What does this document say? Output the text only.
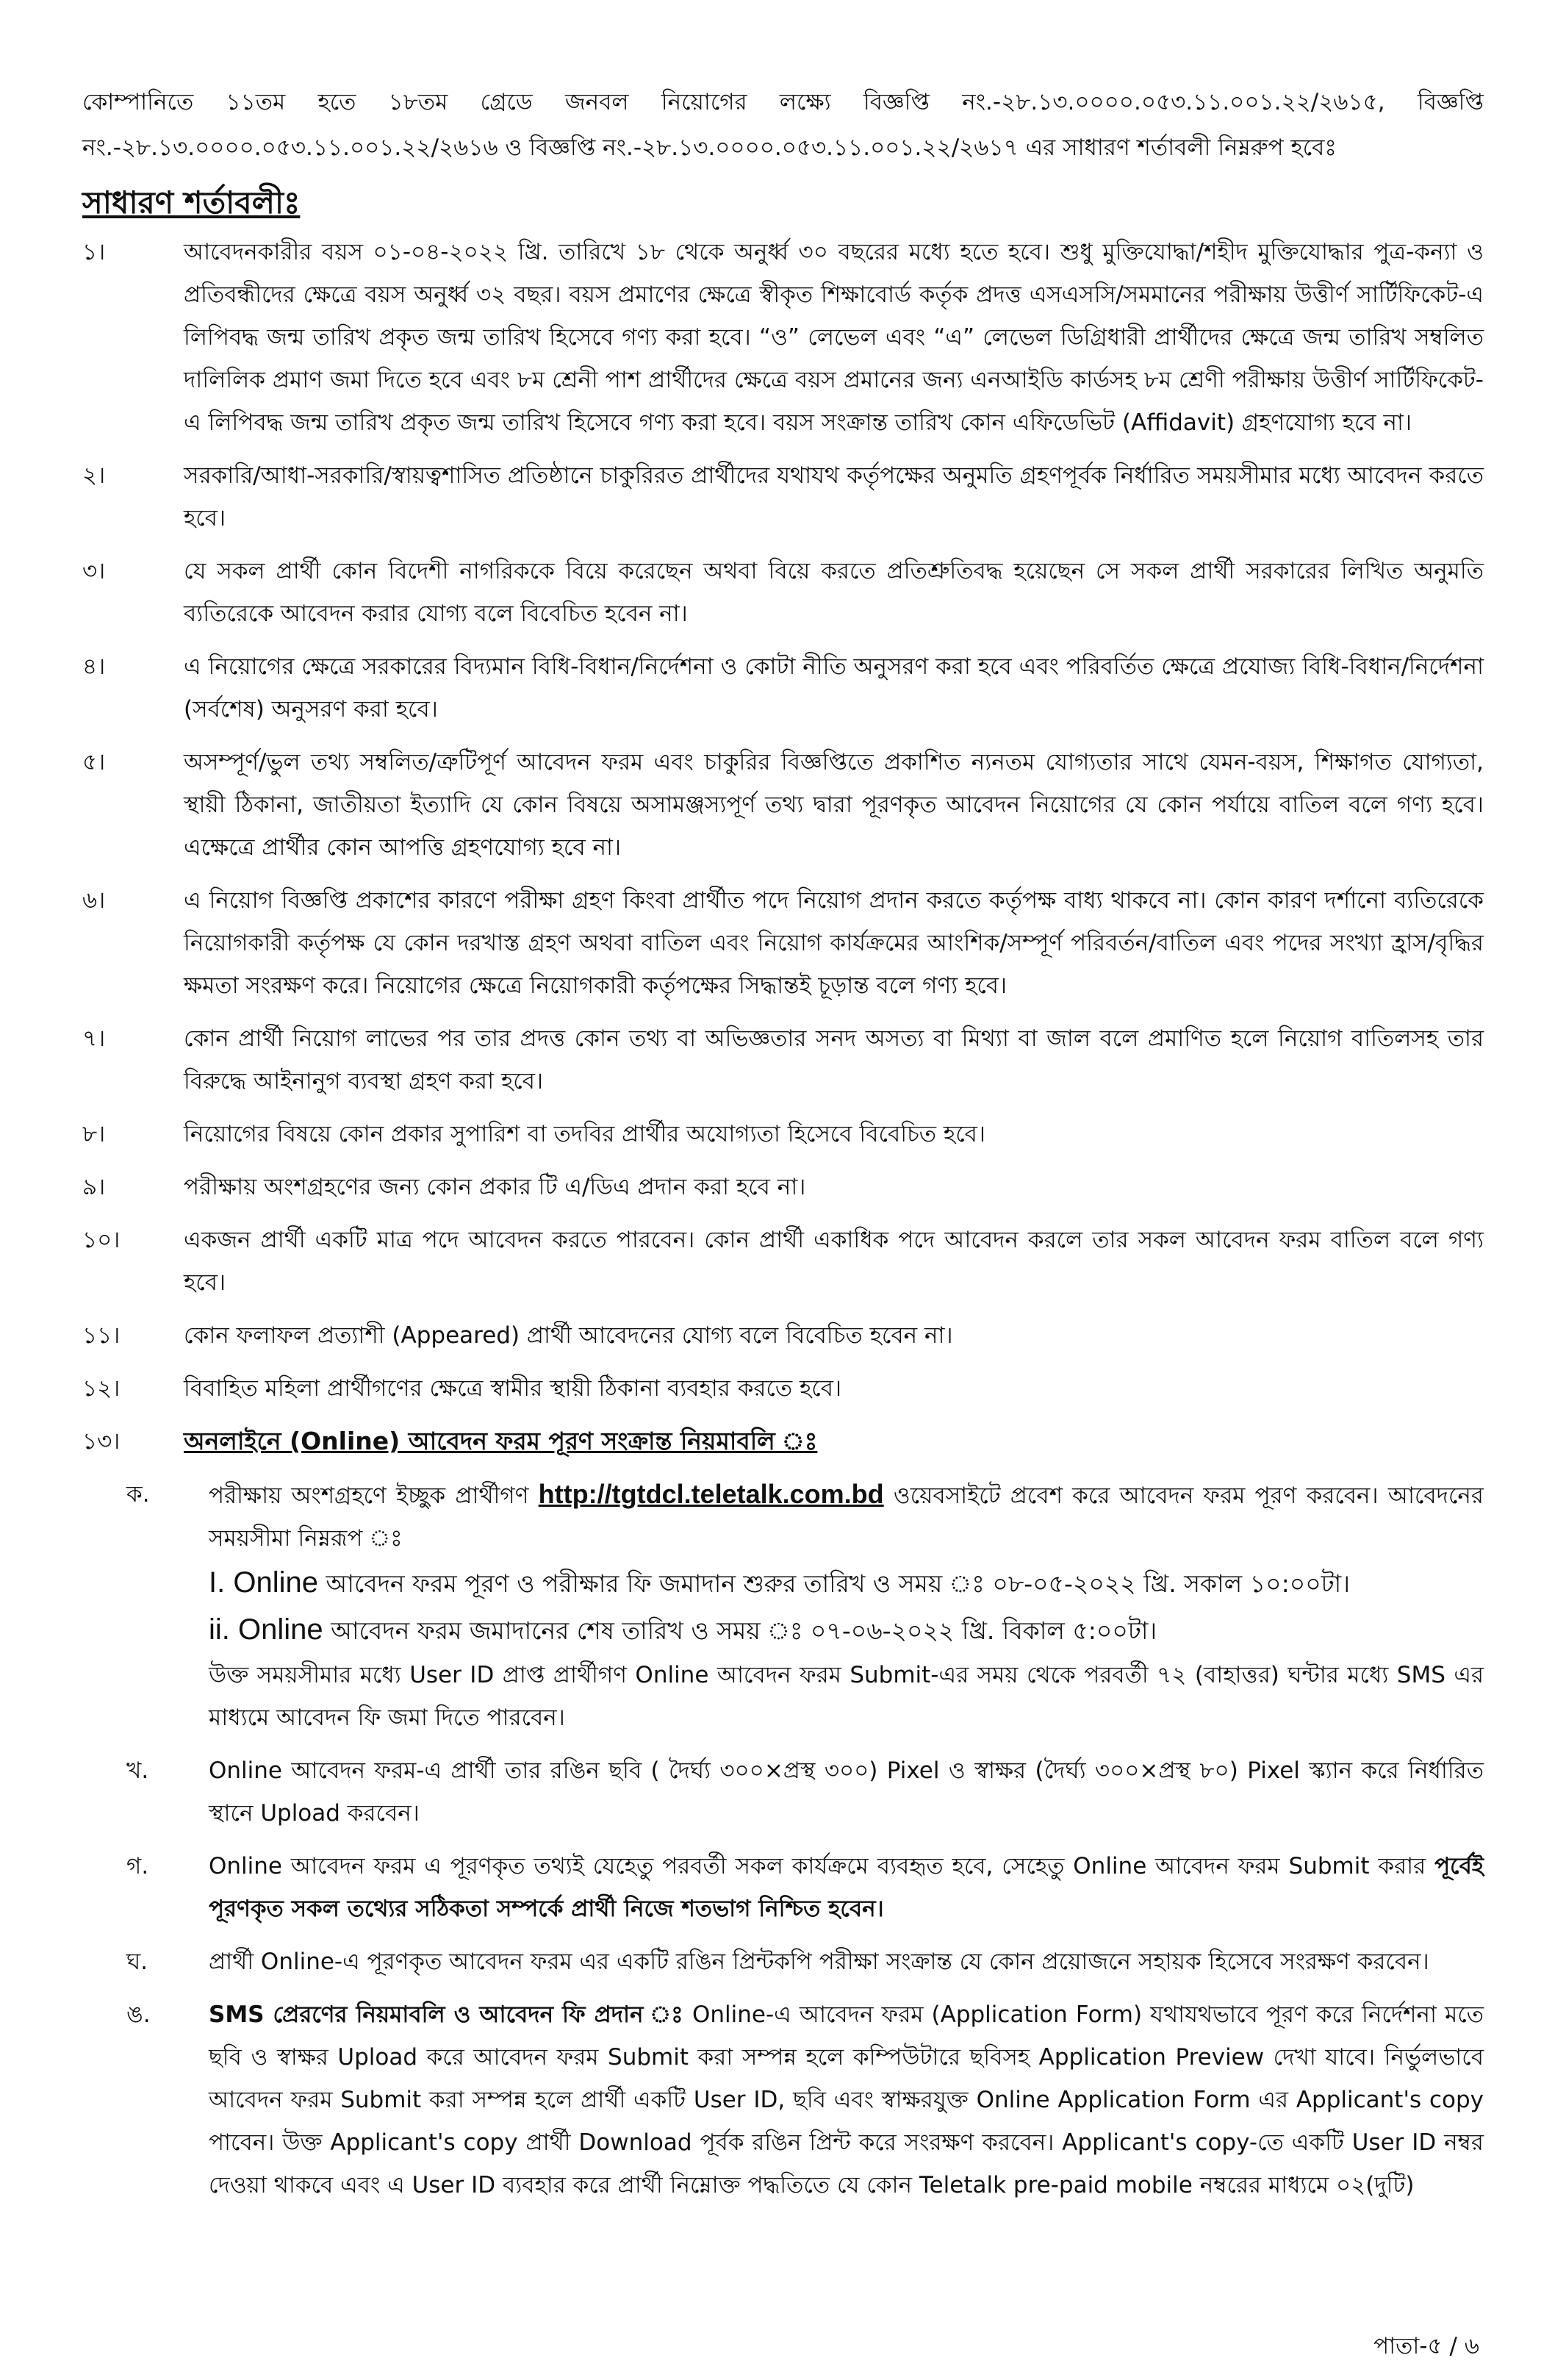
কোম্পানিতে ১১তম হতে ১৮তম গ্রেডে জনবল নিয়োগের লক্ষ্যে বিজ্ঞপ্তি নং.-২৮.১৩.০০০০.০৫৩.১১.০০১.২২/২৬১৫, বিজ্ঞপ্তি নং.-২৮.১৩.০০০০.০৫৩.১১.০০১.২২/২৬১৬ ও বিজ্ঞপ্তি নং.-২৮.১৩.০০০০.০৫৩.১১.০০১.২২/২৬১৭ এর সাধারণ শর্তাবলী নিম্নরুপ হবেঃ

সাধারণ শর্তাবলীঃ
১।	আবেদনকারীর বয়স ০১-০৪-২০২২ খ্রি. তারিখে ১৮ থেকে অনুর্ধ্ব ৩০ বছরের মধ্যে হতে হবে। শুধু মুক্তিযোদ্ধা/শহীদ মুক্তিযোদ্ধার পুত্র-কন্যা ও প্রতিবন্ধীদের ক্ষেত্রে বয়স অনুর্ধ্ব ৩২ বছর। বয়স প্রমাণের ক্ষেত্রে স্বীকৃত শিক্ষাবোর্ড কর্তৃক প্রদত্ত এসএসসি/সমমানের পরীক্ষায় উত্তীর্ণ সার্টিফিকেট-এ লিপিবদ্ধ জন্ম তারিখ প্রকৃত জন্ম তারিখ হিসেবে গণ্য করা হবে। “ও” লেভেল এবং “এ” লেভেল ডিগ্রিধারী প্রার্থীদের ক্ষেত্রে জন্ম তারিখ সম্বলিত দালিলিক প্রমাণ জমা দিতে হবে এবং ৮ম শ্রেনী পাশ প্রার্থীদের ক্ষেত্রে বয়স প্রমানের জন্য এনআইডি কার্ডসহ ৮ম শ্রেণী পরীক্ষায় উত্তীর্ণ সার্টিফিকেট-এ লিপিবদ্ধ জন্ম তারিখ প্রকৃত জন্ম তারিখ হিসেবে গণ্য করা হবে। বয়স সংক্রান্ত তারিখ কোন এফিডেভিট (Affidavit) গ্রহণযোগ্য হবে না।
২।	সরকারি/আধা-সরকারি/স্বায়ত্বশাসিত প্রতিষ্ঠানে চাকুরিরত প্রার্থীদের যথাযথ কর্তৃপক্ষের অনুমতি গ্রহণপূর্বক নির্ধারিত সময়সীমার মধ্যে আবেদন করতে হবে।
৩।	যে সকল প্রার্থী কোন বিদেশী নাগরিককে বিয়ে করেছেন অথবা বিয়ে করতে প্রতিশ্রুতিবদ্ধ হয়েছেন সে সকল প্রার্থী সরকারের লিখিত অনুমতি ব্যতিরেকে আবেদন করার যোগ্য বলে বিবেচিত হবেন না।
৪।	এ নিয়োগের ক্ষেত্রে সরকারের বিদ্যমান বিধি-বিধান/নির্দেশনা ও কোটা নীতি অনুসরণ করা হবে এবং পরিবর্তিত ক্ষেত্রে প্রযোজ্য বিধি-বিধান/নির্দেশনা (সর্বশেষ) অনুসরণ করা হবে।
৫।	অসম্পূর্ণ/ভুল তথ্য সম্বলিত/ত্রুটিপূর্ণ আবেদন ফরম এবং চাকুরির বিজ্ঞপ্তিতে প্রকাশিত ন্যনতম যোগ্যতার সাথে যেমন-বয়স, শিক্ষাগত যোগ্যতা, স্থায়ী ঠিকানা, জাতীয়তা ইত্যাদি যে কোন বিষয়ে অসামঞ্জস্যপূর্ণ তথ্য দ্বারা পূরণকৃত আবেদন নিয়োগের যে কোন পর্যায়ে বাতিল বলে গণ্য হবে। এক্ষেত্রে প্রার্থীর কোন আপত্তি গ্রহণযোগ্য হবে না।
৬।	এ নিয়োগ বিজ্ঞপ্তি প্রকাশের কারণে পরীক্ষা গ্রহণ কিংবা প্রার্থীত পদে নিয়োগ প্রদান করতে কর্তৃপক্ষ বাধ্য থাকবে না। কোন কারণ দর্শানো ব্যতিরেকে নিয়োগকারী কর্তৃপক্ষ যে কোন দরখাস্ত গ্রহণ অথবা বাতিল এবং নিয়োগ কার্যক্রমের আংশিক/সম্পূর্ণ পরিবর্তন/বাতিল এবং পদের সংখ্যা হ্রাস/বৃদ্ধির ক্ষমতা সংরক্ষণ করে। নিয়োগের ক্ষেত্রে নিয়োগকারী কর্তৃপক্ষের সিদ্ধান্তই চূড়ান্ত বলে গণ্য হবে।
৭।	কোন প্রার্থী নিয়োগ লাভের পর তার প্রদত্ত কোন তথ্য বা অভিজ্ঞতার সনদ অসত্য বা মিথ্যা বা জাল বলে প্রমাণিত হলে নিয়োগ বাতিলসহ তার বিরুদ্ধে আইনানুগ ব্যবস্থা গ্রহণ করা হবে।
৮।	নিয়োগের বিষয়ে কোন প্রকার সুপারিশ বা তদবির প্রার্থীর অযোগ্যতা হিসেবে বিবেচিত হবে।
৯।	পরীক্ষায় অংশগ্রহণের জন্য কোন প্রকার টি এ/ডিএ প্রদান করা হবে না।
১০।	একজন প্রার্থী একটি মাত্র পদে আবেদন করতে পারবেন। কোন প্রার্থী একাধিক পদে আবেদন করলে তার সকল আবেদন ফরম বাতিল বলে গণ্য হবে।
১১।	কোন ফলাফল প্রত্যাশী (Appeared) প্রার্থী আবেদনের যোগ্য বলে বিবেচিত হবেন না।
১২।	বিবাহিত মহিলা প্রার্থীগণের ক্ষেত্রে স্বামীর স্থায়ী ঠিকানা ব্যবহার করতে হবে।
১৩।	অনলাইনে (Online) আবেদন ফরম পূরণ সংক্রান্ত নিয়মাবলি ঃ
ক.	পরীক্ষায় অংশগ্রহণে ইচ্ছুক প্রার্থীগণ http://tgtdcl.teletalk.com.bd ওয়েবসাইটে প্রবেশ করে আবেদন ফরম পূরণ করবেন। আবেদনের সময়সীমা নিম্নরূপ ঃ
I. Online আবেদন ফরম পূরণ ও পরীক্ষার ফি জমাদান শুরুর তারিখ ও সময় ঃ ০৮-০৫-২০২২ খ্রি. সকাল ১০:০০টা।
ii. Online আবেদন ফরম জমাদানের শেষ তারিখ ও সময় ঃ ০৭-০৬-২০২২ খ্রি. বিকাল ৫:০০টা।
উক্ত সময়সীমার মধ্যে User ID প্রাপ্ত প্রার্থীগণ Online আবেদন ফরম Submit-এর সময় থেকে পরবর্তী ৭২ (বাহাত্তর) ঘন্টার মধ্যে SMS এর মাধ্যমে আবেদন ফি জমা দিতে পারবেন।
খ.	Online আবেদন ফরম-এ প্রার্থী তার রঙিন ছবি ( দৈর্ঘ্য ৩০০×প্রস্থ ৩০০) Pixel ও স্বাক্ষর (দৈর্ঘ্য ৩০০×প্রস্থ ৮০) Pixel স্ক্যান করে নির্ধারিত স্থানে Upload করবেন।
গ.	Online আবেদন ফরম এ পূরণকৃত তথ্যই যেহেতু পরবর্তী সকল কার্যক্রমে ব্যবহৃত হবে, সেহেতু Online আবেদন ফরম Submit করার পূর্বেই পূরণকৃত সকল তথ্যের সঠিকতা সম্পর্কে প্রার্থী নিজে শতভাগ নিশ্চিত হবেন।
ঘ.	প্রার্থী Online-এ পূরণকৃত আবেদন ফরম এর একটি রঙিন প্রিন্টকপি পরীক্ষা সংক্রান্ত যে কোন প্রয়োজনে সহায়ক হিসেবে সংরক্ষণ করবেন।
ঙ.	SMS প্রেরণের নিয়মাবলি ও আবেদন ফি প্রদান ঃ Online-এ আবেদন ফরম (Application Form) যথাযথভাবে পূরণ করে নির্দেশনা মতে ছবি ও স্বাক্ষর Upload করে আবেদন ফরম Submit করা সম্পন্ন হলে কম্পিউটারে ছবিসহ Application Preview দেখা যাবে। নির্ভুলভাবে আবেদন ফরম Submit করা সম্পন্ন হলে প্রার্থী একটি User ID, ছবি এবং স্বাক্ষরযুক্ত Online Application Form এর Applicant's copy পাবেন। উক্ত Applicant's copy প্রার্থী Download পূর্বক রঙিন প্রিন্ট করে সংরক্ষণ করবেন। Applicant's copy-তে একটি User ID নম্বর দেওয়া থাকবে এবং এ User ID ব্যবহার করে প্রার্থী নিম্নোক্ত পদ্ধতিতে যে কোন Teletalk pre-paid mobile নম্বরের মাধ্যমে ০২(দুটি)
পাতা-৫ / ৬
